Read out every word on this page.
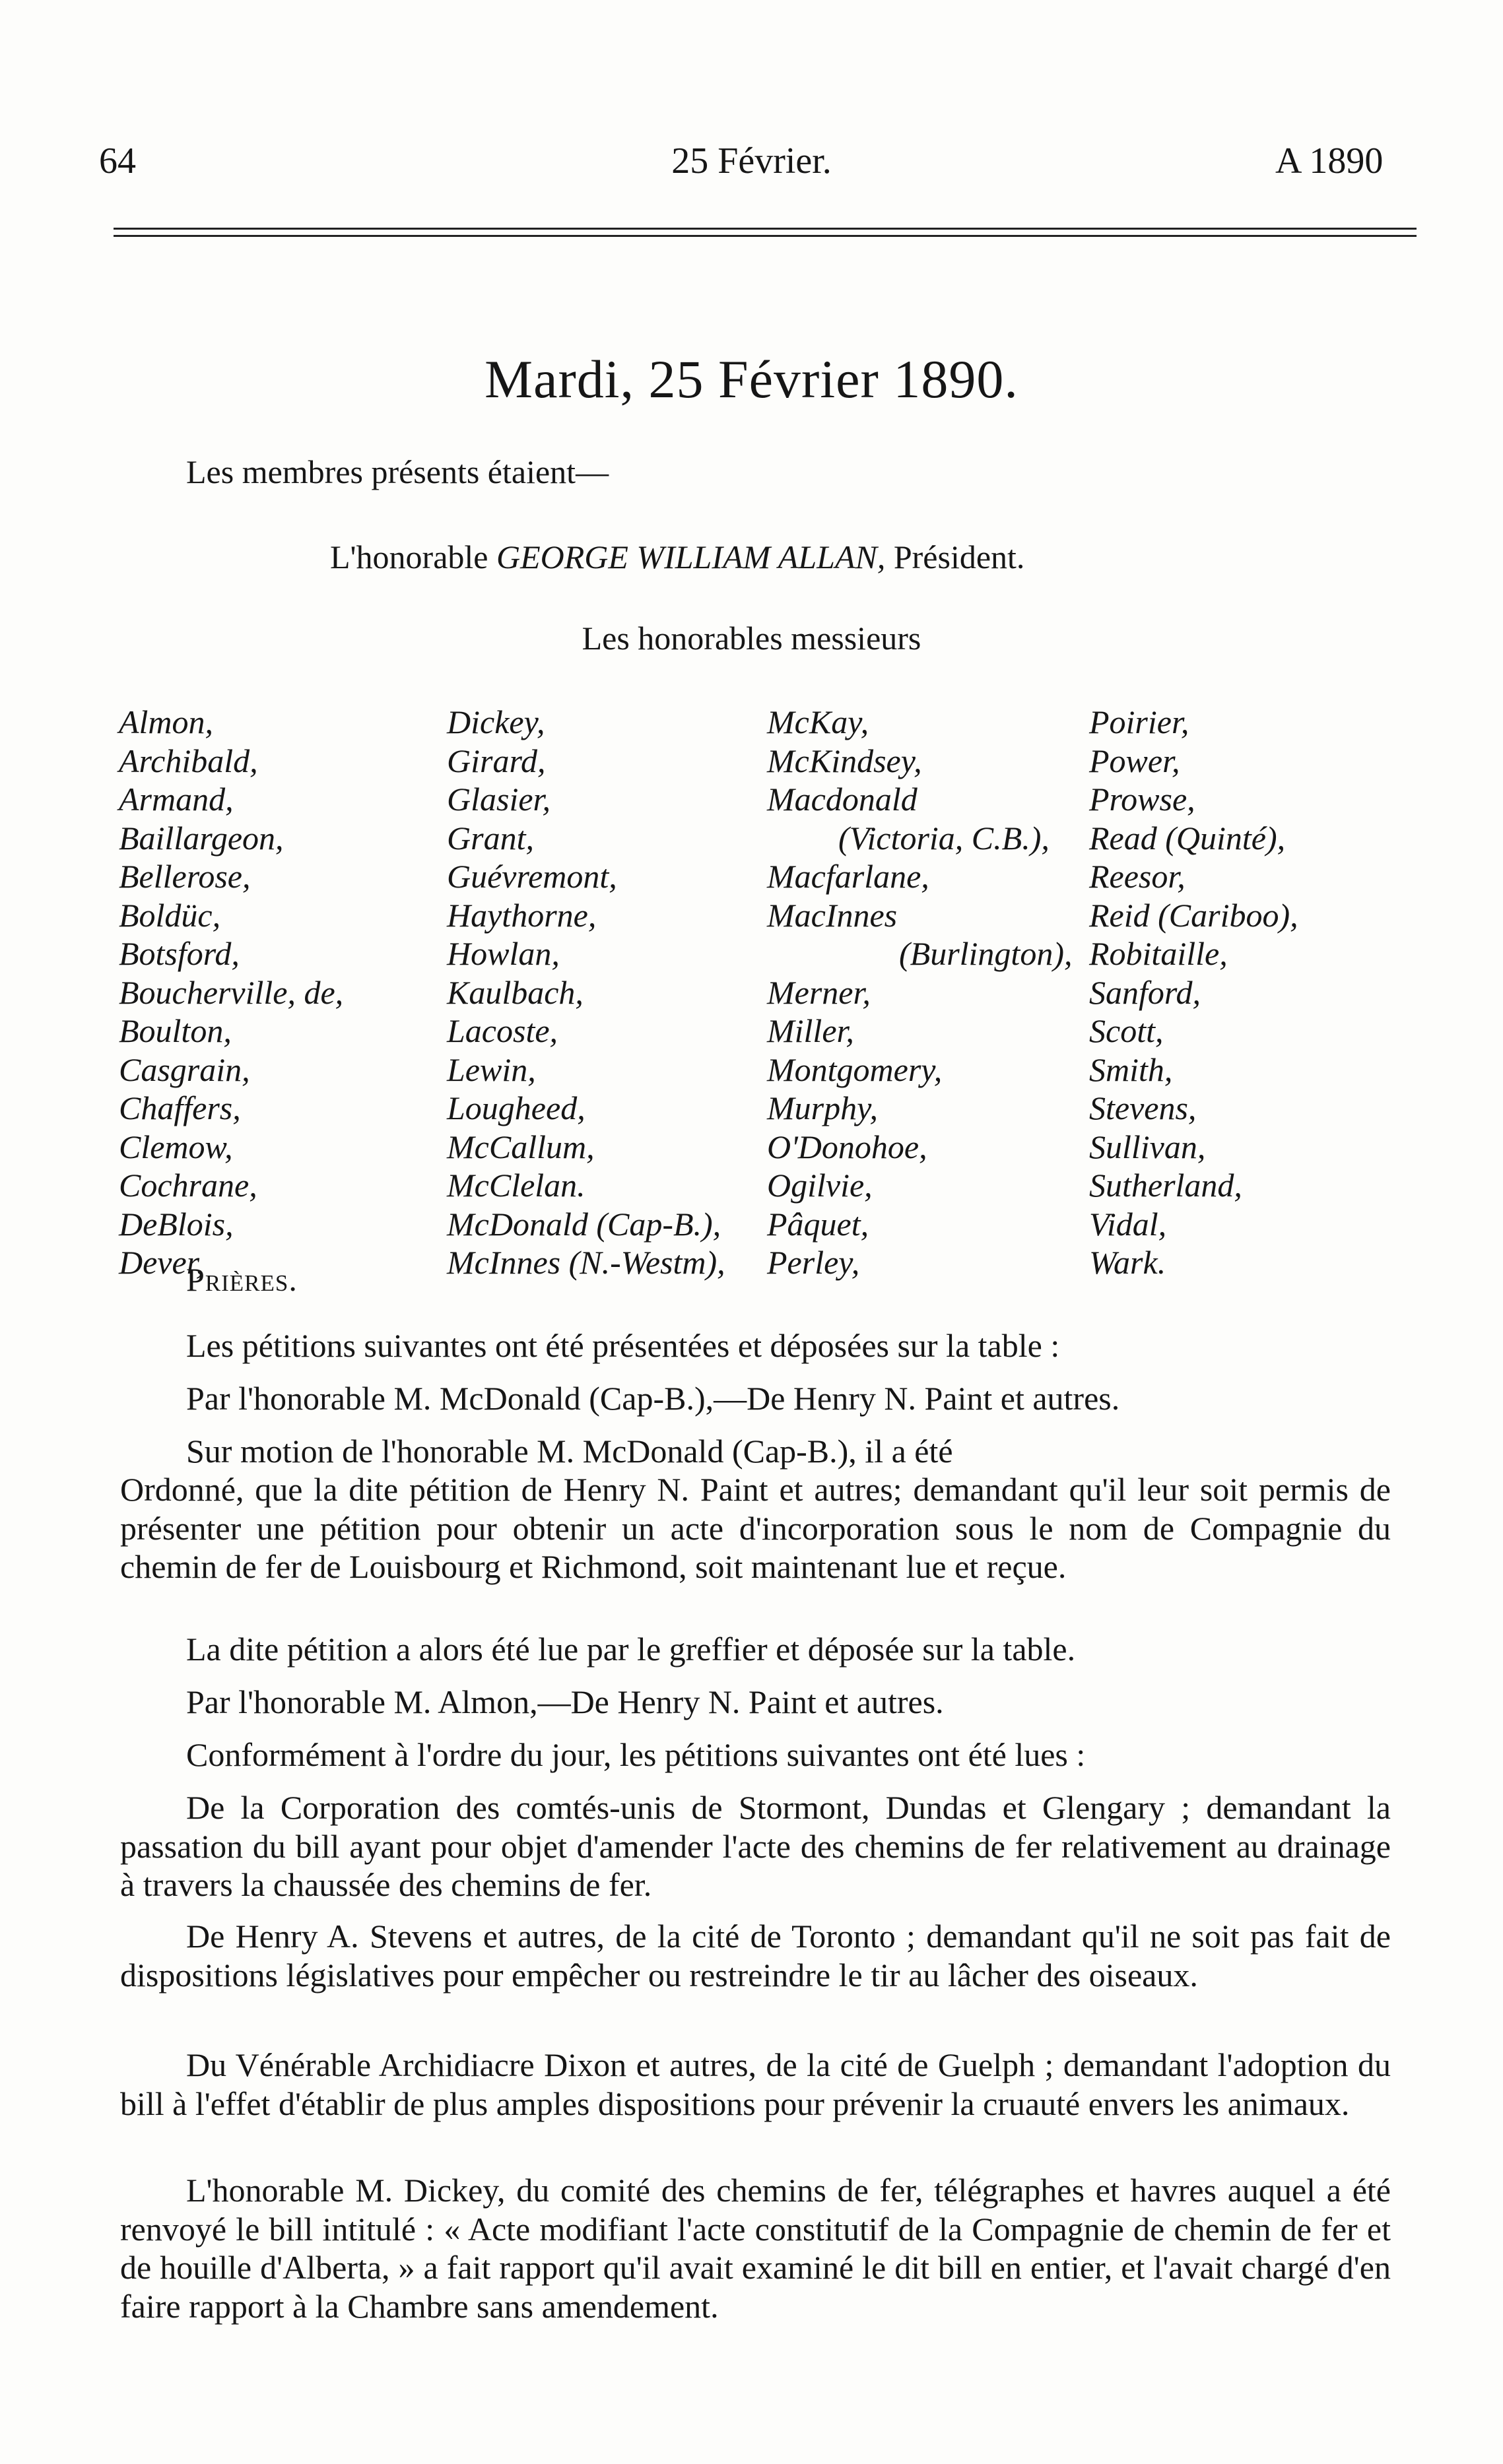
64	25 Février.	A 1890
Mardi, 25 Février 1890.
Les membres présents étaient—
L'honorable GEORGE WILLIAM ALLAN, Président.
Les honorables messieurs
Almon,
Archibald,
Armand,
Baillargeon,
Bellerose,
Boldüc,
Botsford,
Boucherville, de,
Boulton,
Casgrain,
Chaffers,
Clemow,
Cochrane,
DeBlois,
Dever,
Dickey,
Girard,
Glasier,
Grant,
Guévremont,
Haythorne,
Howlan,
Kaulbach,
Lacoste,
Lewin,
Lougheed,
McCallum,
McClelan.
McDonald (Cap-B.),
McInnes (N.-Westm),
McKay,
McKindsey,
Macdonald
(Victoria, C.B.),
Macfarlane,
MacInnes
(Burlington),
Merner,
Miller,
Montgomery,
Murphy,
O'Donohoe,
Ogilvie,
Pâquet,
Perley,
Poirier,
Power,
Prowse,
Read (Quinté),
Reesor,
Reid (Cariboo),
Robitaille,
Sanford,
Scott,
Smith,
Stevens,
Sullivan,
Sutherland,
Vidal,
Wark.
Prières.
Les pétitions suivantes ont été présentées et déposées sur la table :
Par l'honorable M. McDonald (Cap-B.),—De Henry N. Paint et autres.
Sur motion de l'honorable M. McDonald (Cap-B.), il a été
Ordonné, que la dite pétition de Henry N. Paint et autres; demandant qu'il leur soit permis de présenter une pétition pour obtenir un acte d'incorporation sous le nom de Compagnie du chemin de fer de Louisbourg et Richmond, soit maintenant lue et reçue.
La dite pétition a alors été lue par le greffier et déposée sur la table.
Par l'honorable M. Almon,—De Henry N. Paint et autres.
Conformément à l'ordre du jour, les pétitions suivantes ont été lues :
De la Corporation des comtés-unis de Stormont, Dundas et Glengary ; demandant la passation du bill ayant pour objet d'amender l'acte des chemins de fer relativement au drainage à travers la chaussée des chemins de fer.
De Henry A. Stevens et autres, de la cité de Toronto ; demandant qu'il ne soit pas fait de dispositions législatives pour empêcher ou restreindre le tir au lâcher des oiseaux.
Du Vénérable Archidiacre Dixon et autres, de la cité de Guelph ; demandant l'adoption du bill à l'effet d'établir de plus amples dispositions pour prévenir la cruauté envers les animaux.
L'honorable M. Dickey, du comité des chemins de fer, télégraphes et havres auquel a été renvoyé le bill intitulé : « Acte modifiant l'acte constitutif de la Compagnie de chemin de fer et de houille d'Alberta, » a fait rapport qu'il avait examiné le dit bill en entier, et l'avait chargé d'en faire rapport à la Chambre sans amendement.
